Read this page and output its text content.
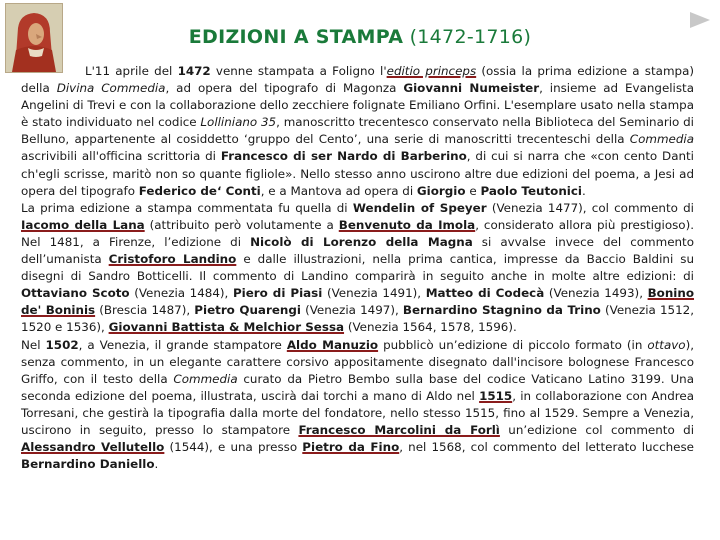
EDIZIONI A STAMPA (1472-1716)

L'11 aprile del 1472 venne stampata a Foligno l'editio princeps (ossia la prima edizione a stampa) della Divina Commedia, ad opera del tipografo di Magonza Giovanni Numeister, insieme ad Evangelista Angelini di Trevi e con la collaborazione dello zecchiere folignate Emiliano Orfini. L'esemplare usato nella stampa è stato individuato nel codice Lolliniano 35, manoscritto trecentesco conservato nella Biblioteca del Seminario di Belluno, appartenente al cosiddetto ‘gruppo del Cento’, una serie di manoscritti trecenteschi della Commedia ascrivibili all'officina scrittoria di Francesco di ser Nardo di Barberino, di cui si narra che «con cento Danti ch'egli scrisse, maritò non so quante figliole». Nello stesso anno uscirono altre due edizioni del poema, a Jesi ad opera del tipografo Federico de‘ Conti, e a Mantova ad opera di Giorgio e Paolo Teutonici.

La prima edizione a stampa commentata fu quella di Wendelin of Speyer (Venezia 1477), col commento di Iacomo della Lana (attribuito però volutamente a Benvenuto da Imola, considerato allora più prestigioso). Nel 1481, a Firenze, l’edizione di Nicolò di Lorenzo della Magna si avvalse invece del commento dell’umanista Cristoforo Landino e dalle illustrazioni, nella prima cantica, impresse da Baccio Baldini su disegni di Sandro Botticelli. Il commento di Landino comparirà in seguito anche in molte altre edizioni: di Ottaviano Scoto (Venezia 1484), Piero di Piasi (Venezia 1491), Matteo di Codecà (Venezia 1493), Bonino de' Boninis (Brescia 1487), Pietro Quarengi (Venezia 1497), Bernardino Stagnino da Trino (Venezia 1512, 1520 e 1536), Giovanni Battista & Melchior Sessa (Venezia 1564, 1578, 1596).

Nel 1502, a Venezia, il grande stampatore Aldo Manuzio pubblicò un’edizione di piccolo formato (in ottavo), senza commento, in un elegante carattere corsivo appositamente disegnato dall'incisore bolognese Francesco Griffo, con il testo della Commedia curato da Pietro Bembo sulla base del codice Vaticano Latino 3199. Una seconda edizione del poema, illustrata, uscirà dai torchi a mano di Aldo nel 1515, in collaborazione con Andrea Torresani, che gestirà la tipografia dalla morte del fondatore, nello stesso 1515, fino al 1529. Sempre a Venezia, uscirono in seguito, presso lo stampatore Francesco Marcolini da Forlì un’edizione col commento di Alessandro Vellutello (1544), e una presso Pietro da Fino, nel 1568, col commento del letterato lucchese Bernardino Daniello.
